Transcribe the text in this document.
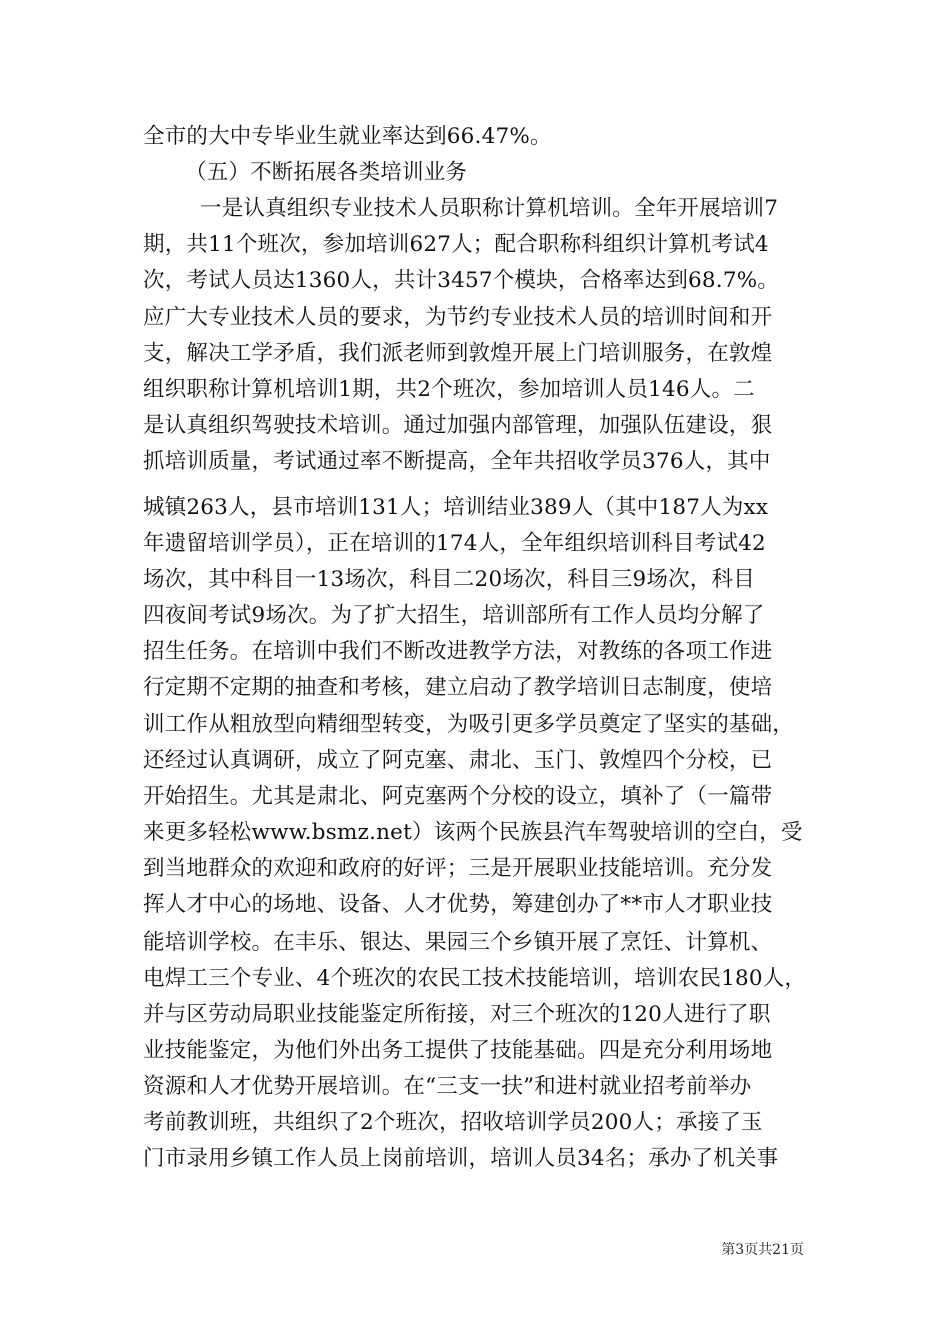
全市的大中专毕业生就业率达到66.47%。
（五）不断拓展各类培训业务
一是认真组织专业技术人员职称计算机培训。全年开展培训7
期，共11个班次，参加培训627人；配合职称科组织计算机考试4
次，考试人员达1360人，共计3457个模块，合格率达到68.7%。
应广大专业技术人员的要求，为节约专业技术人员的培训时间和开
支，解决工学矛盾，我们派老师到敦煌开展上门培训服务，在敦煌
组织职称计算机培训1期，共2个班次，参加培训人员146人。二
是认真组织驾驶技术培训。通过加强内部管理，加强队伍建设，狠
抓培训质量，考试通过率不断提高，全年共招收学员376人，其中
城镇263人，县市培训131人；培训结业389人（其中187人为xx
年遗留培训学员），正在培训的174人，全年组织培训科目考试42
场次，其中科目一13场次，科目二20场次，科目三9场次，科目
四夜间考试9场次。为了扩大招生，培训部所有工作人员均分解了
招生任务。在培训中我们不断改进教学方法，对教练的各项工作进
行定期不定期的抽查和考核，建立启动了教学培训日志制度，使培
训工作从粗放型向精细型转变，为吸引更多学员奠定了坚实的基础，
还经过认真调研，成立了阿克塞、肃北、玉门、敦煌四个分校，已
开始招生。尤其是肃北、阿克塞两个分校的设立，填补了（一篇带
来更多轻松www.bsmz.net）该两个民族县汽车驾驶培训的空白，受
到当地群众的欢迎和政府的好评；三是开展职业技能培训。充分发
挥人才中心的场地、设备、人才优势，筹建创办了**市人才职业技
能培训学校。在丰乐、银达、果园三个乡镇开展了烹饪、计算机、
电焊工三个专业、4个班次的农民工技术技能培训，培训农民180人，
并与区劳动局职业技能鉴定所衔接，对三个班次的120人进行了职
业技能鉴定，为他们外出务工提供了技能基础。四是充分利用场地
资源和人才优势开展培训。在“三支一扶”和进村就业招考前举办
考前教训班，共组织了2个班次，招收培训学员200人；承接了玉
门市录用乡镇工作人员上岗前培训，培训人员34名；承办了机关事
第3页共21页
